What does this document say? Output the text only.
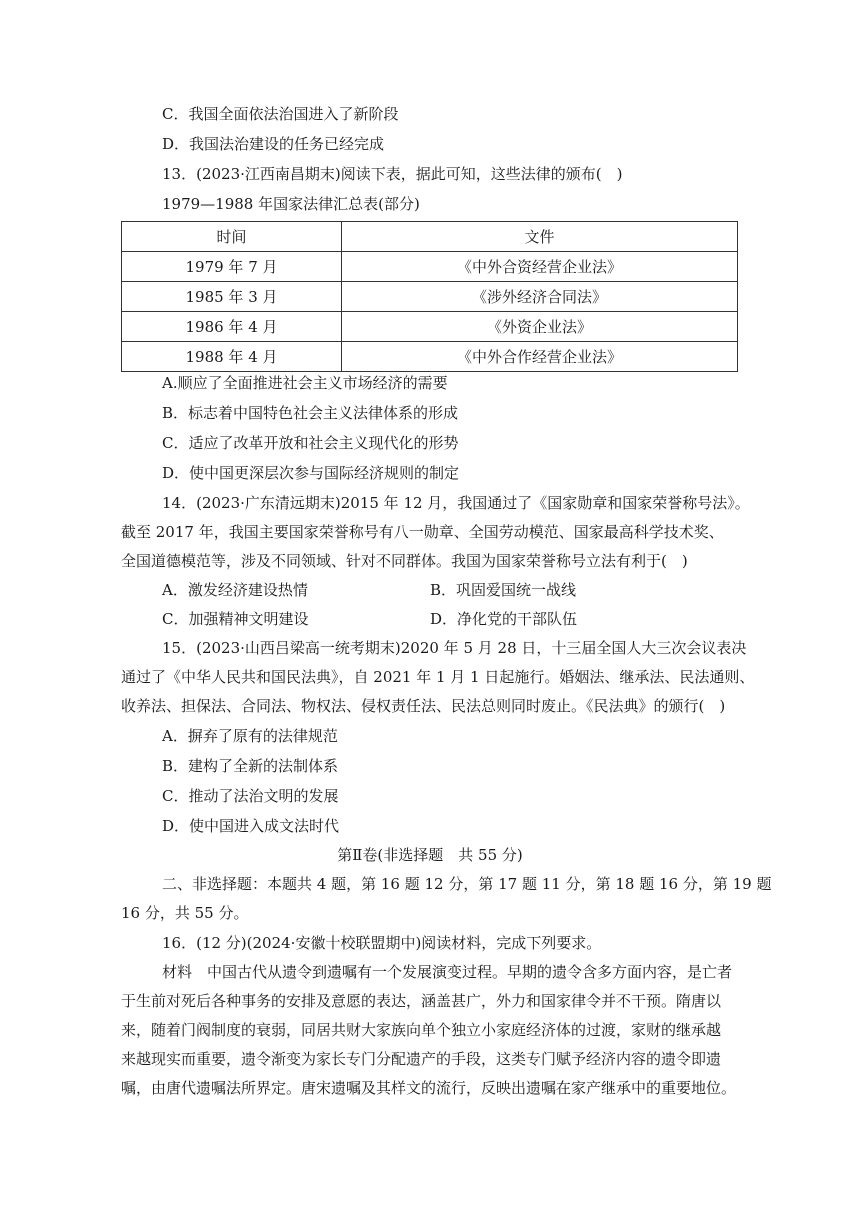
C．我国全面依法治国进入了新阶段
D．我国法治建设的任务已经完成
13．(2023·江西南昌期末)阅读下表，据此可知，这些法律的颁布(　)
1979—1988 年国家法律汇总表(部分)
时间	文件
1979 年 7 月	《中外合资经营企业法》
1985 年 3 月	《涉外经济合同法》
1986 年 4 月	《外资企业法》
1988 年 4 月	《中外合作经营企业法》
A.顺应了全面推进社会主义市场经济的需要
B．标志着中国特色社会主义法律体系的形成
C．适应了改革开放和社会主义现代化的形势
D．使中国更深层次参与国际经济规则的制定
14．(2023·广东清远期末)2015 年 12 月，我国通过了《国家勋章和国家荣誉称号法》。
截至 2017 年，我国主要国家荣誉称号有八一勋章、全国劳动模范、国家最高科学技术奖、
全国道德模范等，涉及不同领域、针对不同群体。我国为国家荣誉称号立法有利于(　)
A．激发经济建设热情	B．巩固爱国统一战线
C．加强精神文明建设	D．净化党的干部队伍
15．(2023·山西吕梁高一统考期末)2020 年 5 月 28 日，十三届全国人大三次会议表决
通过了《中华人民共和国民法典》，自 2021 年 1 月 1 日起施行。婚姻法、继承法、民法通则、
收养法、担保法、合同法、物权法、侵权责任法、民法总则同时废止。《民法典》的颁行(　)
A．摒弃了原有的法律规范
B．建构了全新的法制体系
C．推动了法治文明的发展
D．使中国进入成文法时代
第Ⅱ卷(非选择题　共 55 分)
二、非选择题：本题共 4 题，第 16 题 12 分，第 17 题 11 分，第 18 题 16 分，第 19 题
16 分，共 55 分。
16．(12 分)(2024·安徽十校联盟期中)阅读材料，完成下列要求。
材料　中国古代从遗令到遗嘱有一个发展演变过程。早期的遗令含多方面内容，是亡者
于生前对死后各种事务的安排及意愿的表达，涵盖甚广，外力和国家律令并不干预。隋唐以
来，随着门阀制度的衰弱，同居共财大家族向单个独立小家庭经济体的过渡，家财的继承越
来越现实而重要，遗令渐变为家长专门分配遗产的手段，这类专门赋予经济内容的遗令即遗
嘱，由唐代遗嘱法所界定。唐宋遗嘱及其样文的流行，反映出遗嘱在家产继承中的重要地位。
